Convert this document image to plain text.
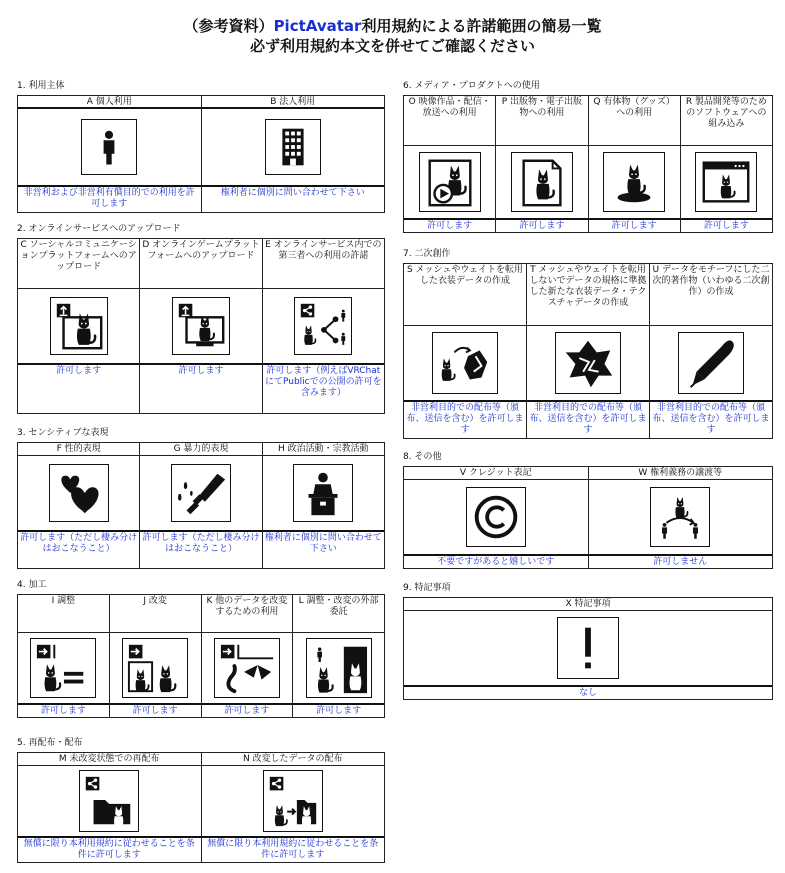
（参考資料）PictAvatar利用規約による許諾範囲の簡易一覧
必ず利用規約本文を併せてご確認ください
1. 利用主体
A 個人利用
非営利および非営利有償目的での利用を許可します
B 法人利用
権利者に個別に問い合わせて下さい
2. オンラインサービスへのアップロード
C ソーシャルコミュニケーションプラットフォームへのアップロード
許可します
D オンラインゲームプラットフォームへのアップロード
許可します
E オンラインサービス内での第三者への利用の許諾
許可します（例えばVRChatにてPublicでの公開の許可を含みます）
3. センシティブな表現
F 性的表現
許可します（ただし棲み分けはおこなうこと）
G 暴力的表現
許可します（ただし棲み分けはおこなうこと）
H 政治活動・宗教活動
権利者に個別に問い合わせて下さい
4. 加工
I 調整
許可します
J 改変
許可します
K 他のデータを改変するための利用
許可します
L 調整・改変の外部委託
許可します
5. 再配布・配布
M 未改変状態での再配布
無償に限り本利用規約に従わせることを条件に許可します
N 改変したデータの配布
無償に限り本利用規約に従わせることを条件に許可します
6. メディア・プロダクトへの使用
O 映像作品・配信・放送への利用
許可します
P 出版物・電子出版物への利用
許可します
Q 有体物（グッズ）への利用
許可します
R 製品開発等のためのソフトウェアへの組み込み
許可します
7. 二次創作
S メッシュやウェイトを転用した衣装データの作成
非営利目的での配布等（頒布、送信を含む）を許可します
T メッシュやウェイトを転用しないでデータの規格に準拠した新たな衣装データ・テクスチャデータの作成
非営利目的での配布等（頒布、送信を含む）を許可します
U データをモチーフにした二次的著作物（いわゆる二次創作）の作成
非営利目的での配布等（頒布、送信を含む）を許可します
8. その他
V クレジット表記
不要ですがあると嬉しいです
W 権利義務の譲渡等
許可しません
9. 特記事項
X 特記事項
なし
